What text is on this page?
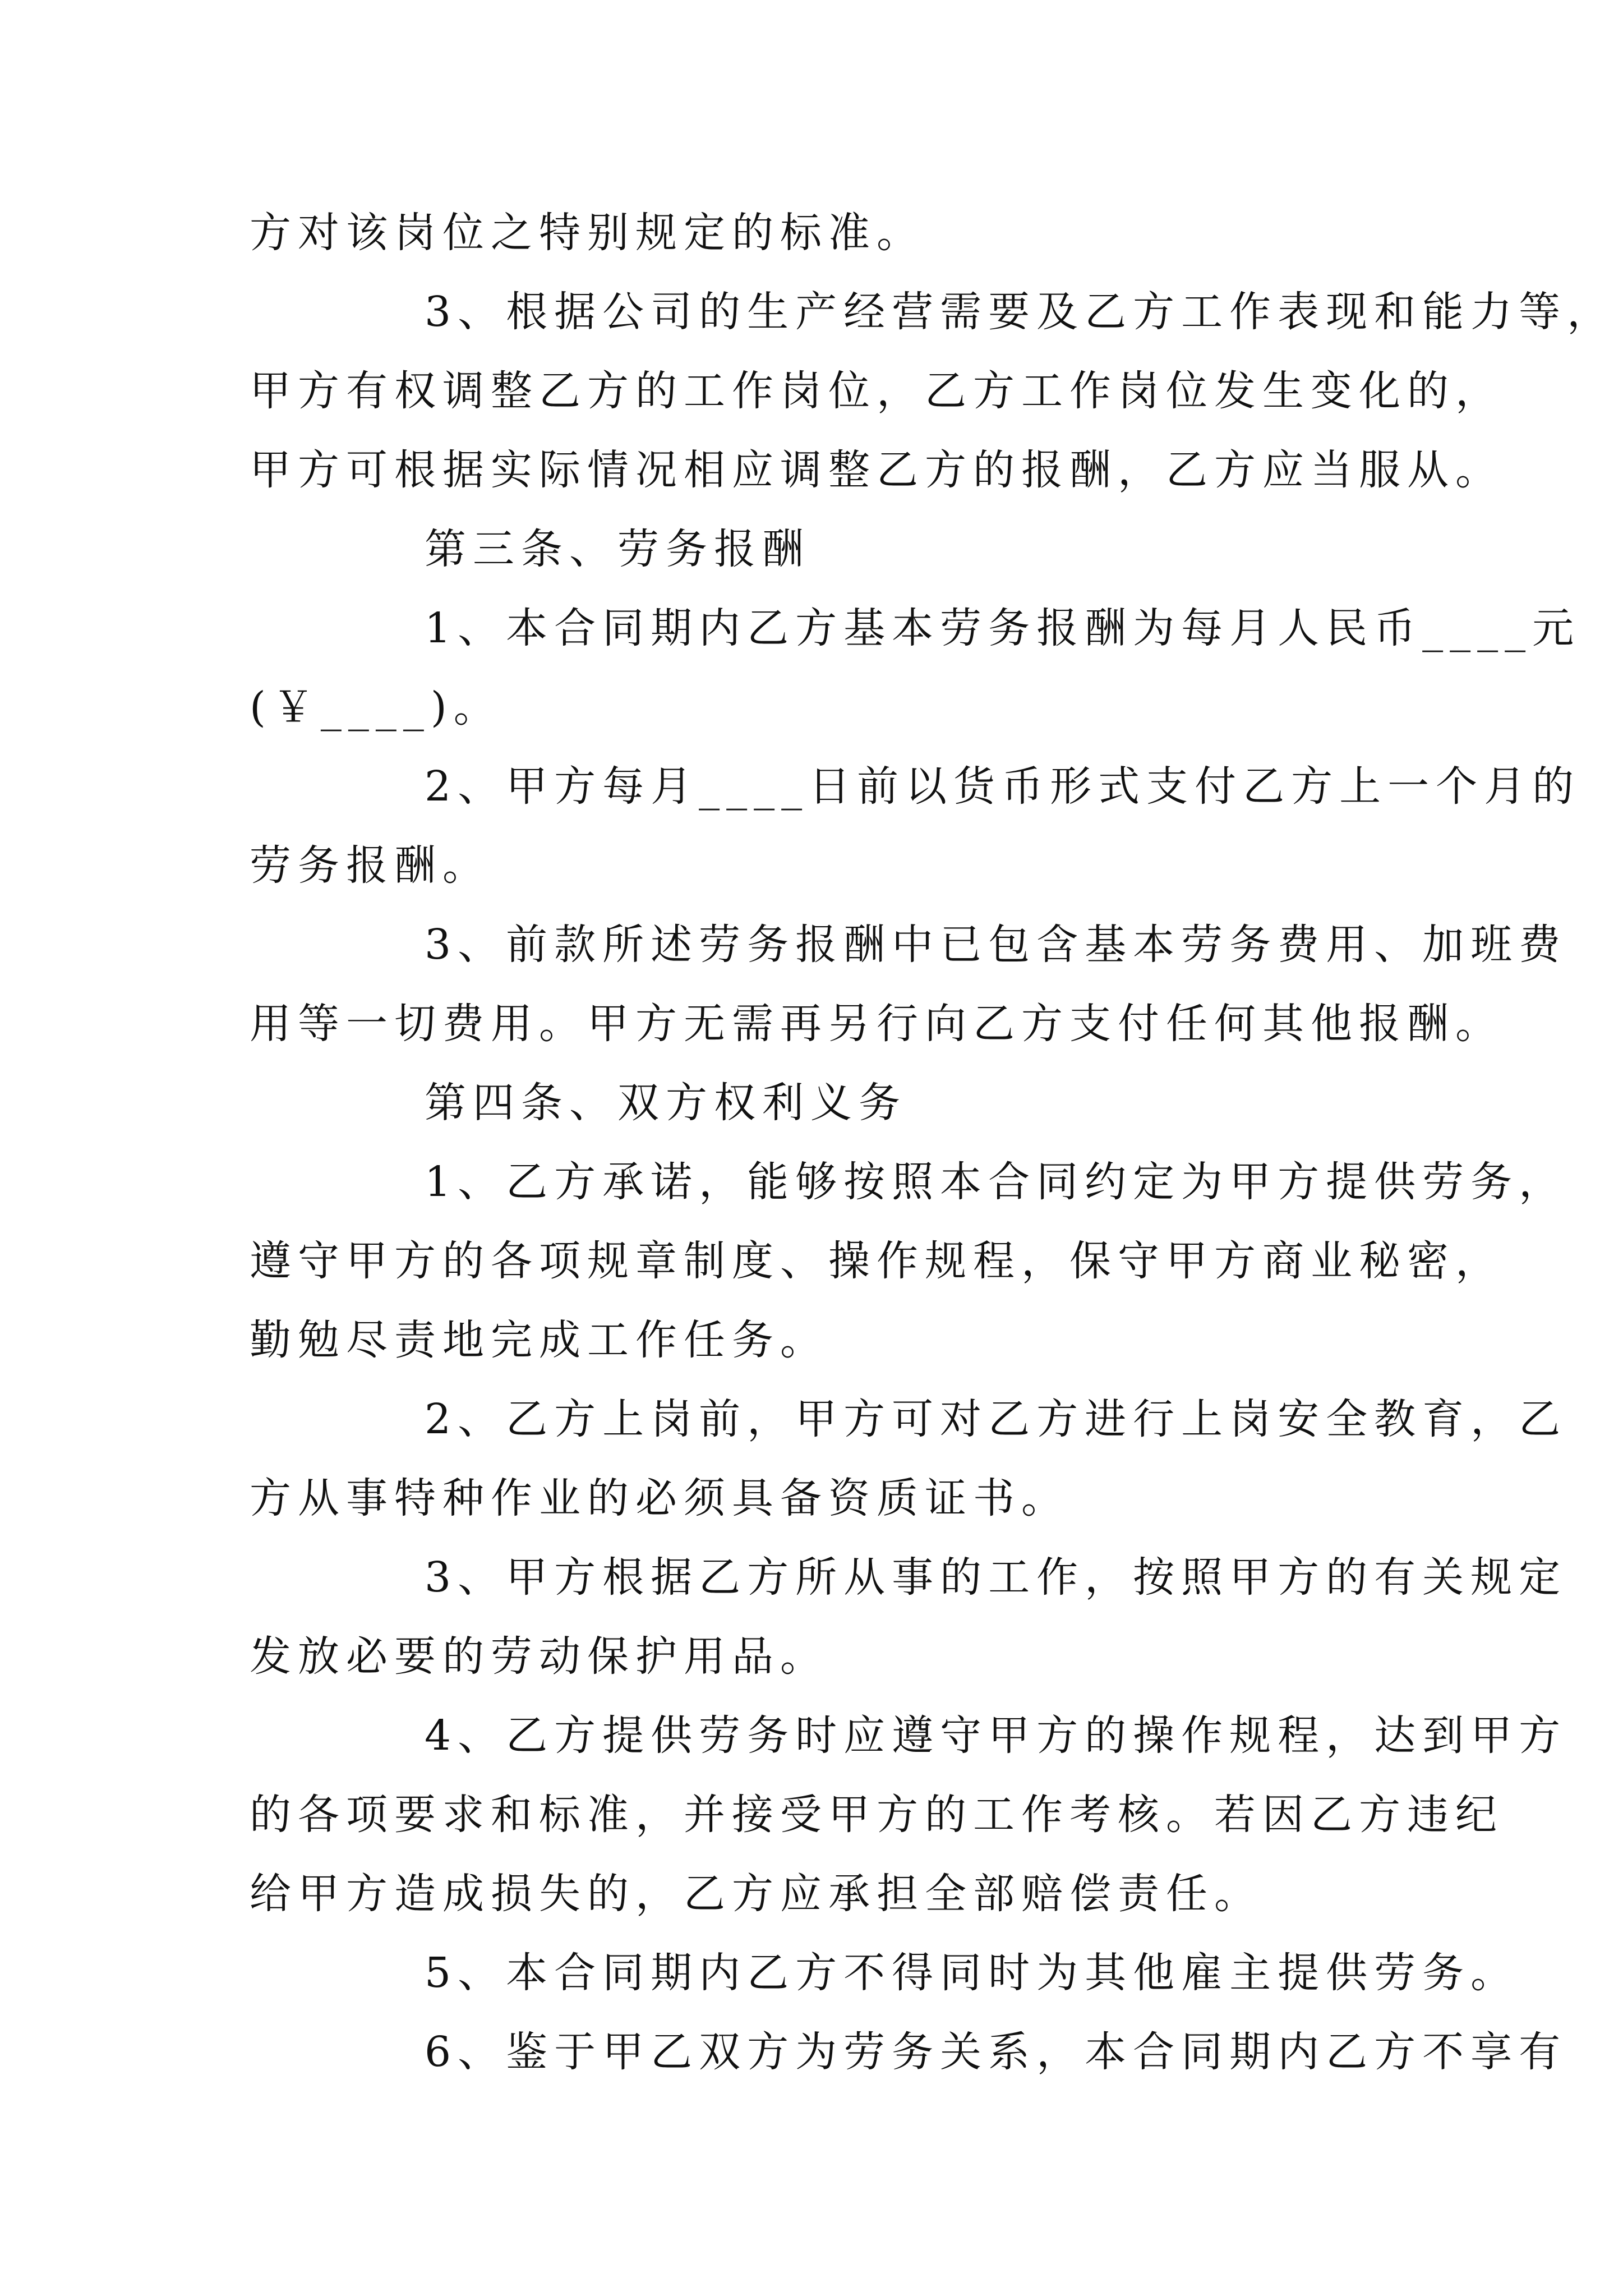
方对该岗位之特别规定的标准。
3、根据公司的生产经营需要及乙方工作表现和能力等，
甲方有权调整乙方的工作岗位，乙方工作岗位发生变化的，
甲方可根据实际情况相应调整乙方的报酬，乙方应当服从。
第三条、劳务报酬
1、本合同期内乙方基本劳务报酬为每月人民币____元
(￥____)。
2、甲方每月____日前以货币形式支付乙方上一个月的
劳务报酬。
3、前款所述劳务报酬中已包含基本劳务费用、加班费
用等一切费用。甲方无需再另行向乙方支付任何其他报酬。
第四条、双方权利义务
1、乙方承诺，能够按照本合同约定为甲方提供劳务，
遵守甲方的各项规章制度、操作规程，保守甲方商业秘密，
勤勉尽责地完成工作任务。
2、乙方上岗前，甲方可对乙方进行上岗安全教育，乙
方从事特种作业的必须具备资质证书。
3、甲方根据乙方所从事的工作，按照甲方的有关规定
发放必要的劳动保护用品。
4、乙方提供劳务时应遵守甲方的操作规程，达到甲方
的各项要求和标准，并接受甲方的工作考核。若因乙方违纪
给甲方造成损失的，乙方应承担全部赔偿责任。
5、本合同期内乙方不得同时为其他雇主提供劳务。
6、鉴于甲乙双方为劳务关系，本合同期内乙方不享有
